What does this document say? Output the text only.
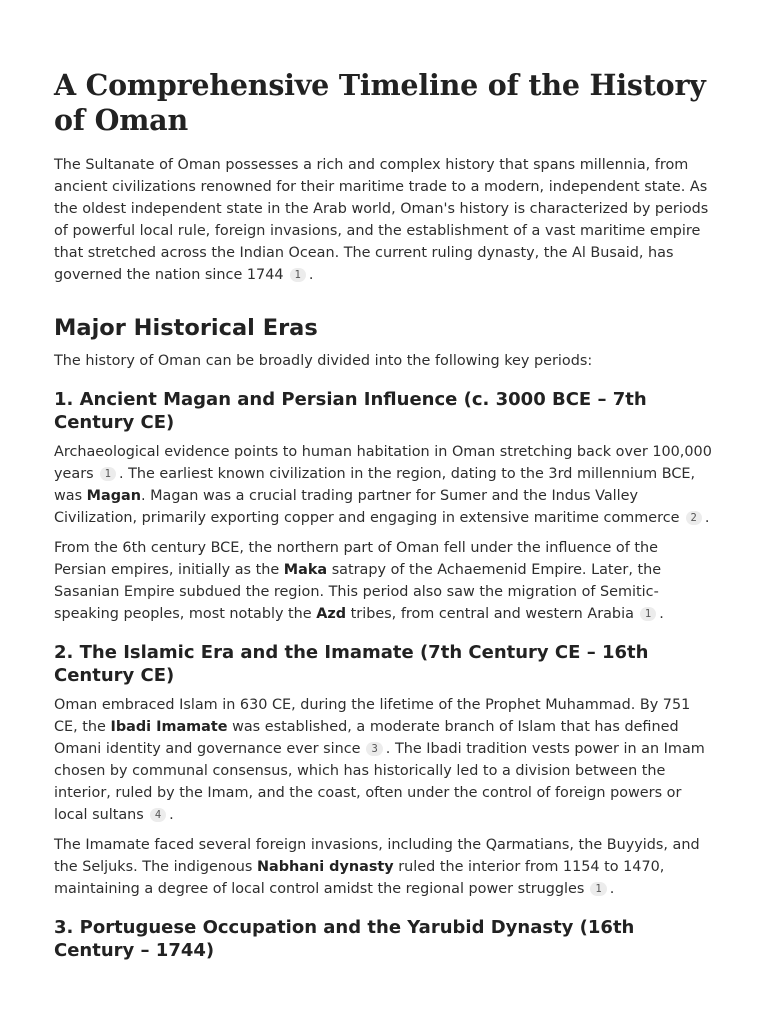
A Comprehensive Timeline of the History of Oman

The Sultanate of Oman possesses a rich and complex history that spans millennia, from ancient civilizations renowned for their maritime trade to a modern, independent state. As the oldest independent state in the Arab world, Oman's history is characterized by periods of powerful local rule, foreign invasions, and the establishment of a vast maritime empire that stretched across the Indian Ocean. The current ruling dynasty, the Al Busaid, has governed the nation since 1744 1 .

Major Historical Eras

The history of Oman can be broadly divided into the following key periods:

1. Ancient Magan and Persian Influence (c. 3000 BCE – 7th Century CE)

Archaeological evidence points to human habitation in Oman stretching back over 100,000 years 1 . The earliest known civilization in the region, dating to the 3rd millennium BCE, was Magan. Magan was a crucial trading partner for Sumer and the Indus Valley Civilization, primarily exporting copper and engaging in extensive maritime commerce 2 .

From the 6th century BCE, the northern part of Oman fell under the influence of the Persian empires, initially as the Maka satrapy of the Achaemenid Empire. Later, the Sasanian Empire subdued the region. This period also saw the migration of Semitic-speaking peoples, most notably the Azd tribes, from central and western Arabia 1 .

2. The Islamic Era and the Imamate (7th Century CE – 16th Century CE)

Oman embraced Islam in 630 CE, during the lifetime of the Prophet Muhammad. By 751 CE, the Ibadi Imamate was established, a moderate branch of Islam that has defined Omani identity and governance ever since 3 . The Ibadi tradition vests power in an Imam chosen by communal consensus, which has historically led to a division between the interior, ruled by the Imam, and the coast, often under the control of foreign powers or local sultans 4 .

The Imamate faced several foreign invasions, including the Qarmatians, the Buyyids, and the Seljuks. The indigenous Nabhani dynasty ruled the interior from 1154 to 1470, maintaining a degree of local control amidst the regional power struggles 1 .

3. Portuguese Occupation and the Yarubid Dynasty (16th Century – 1744)
